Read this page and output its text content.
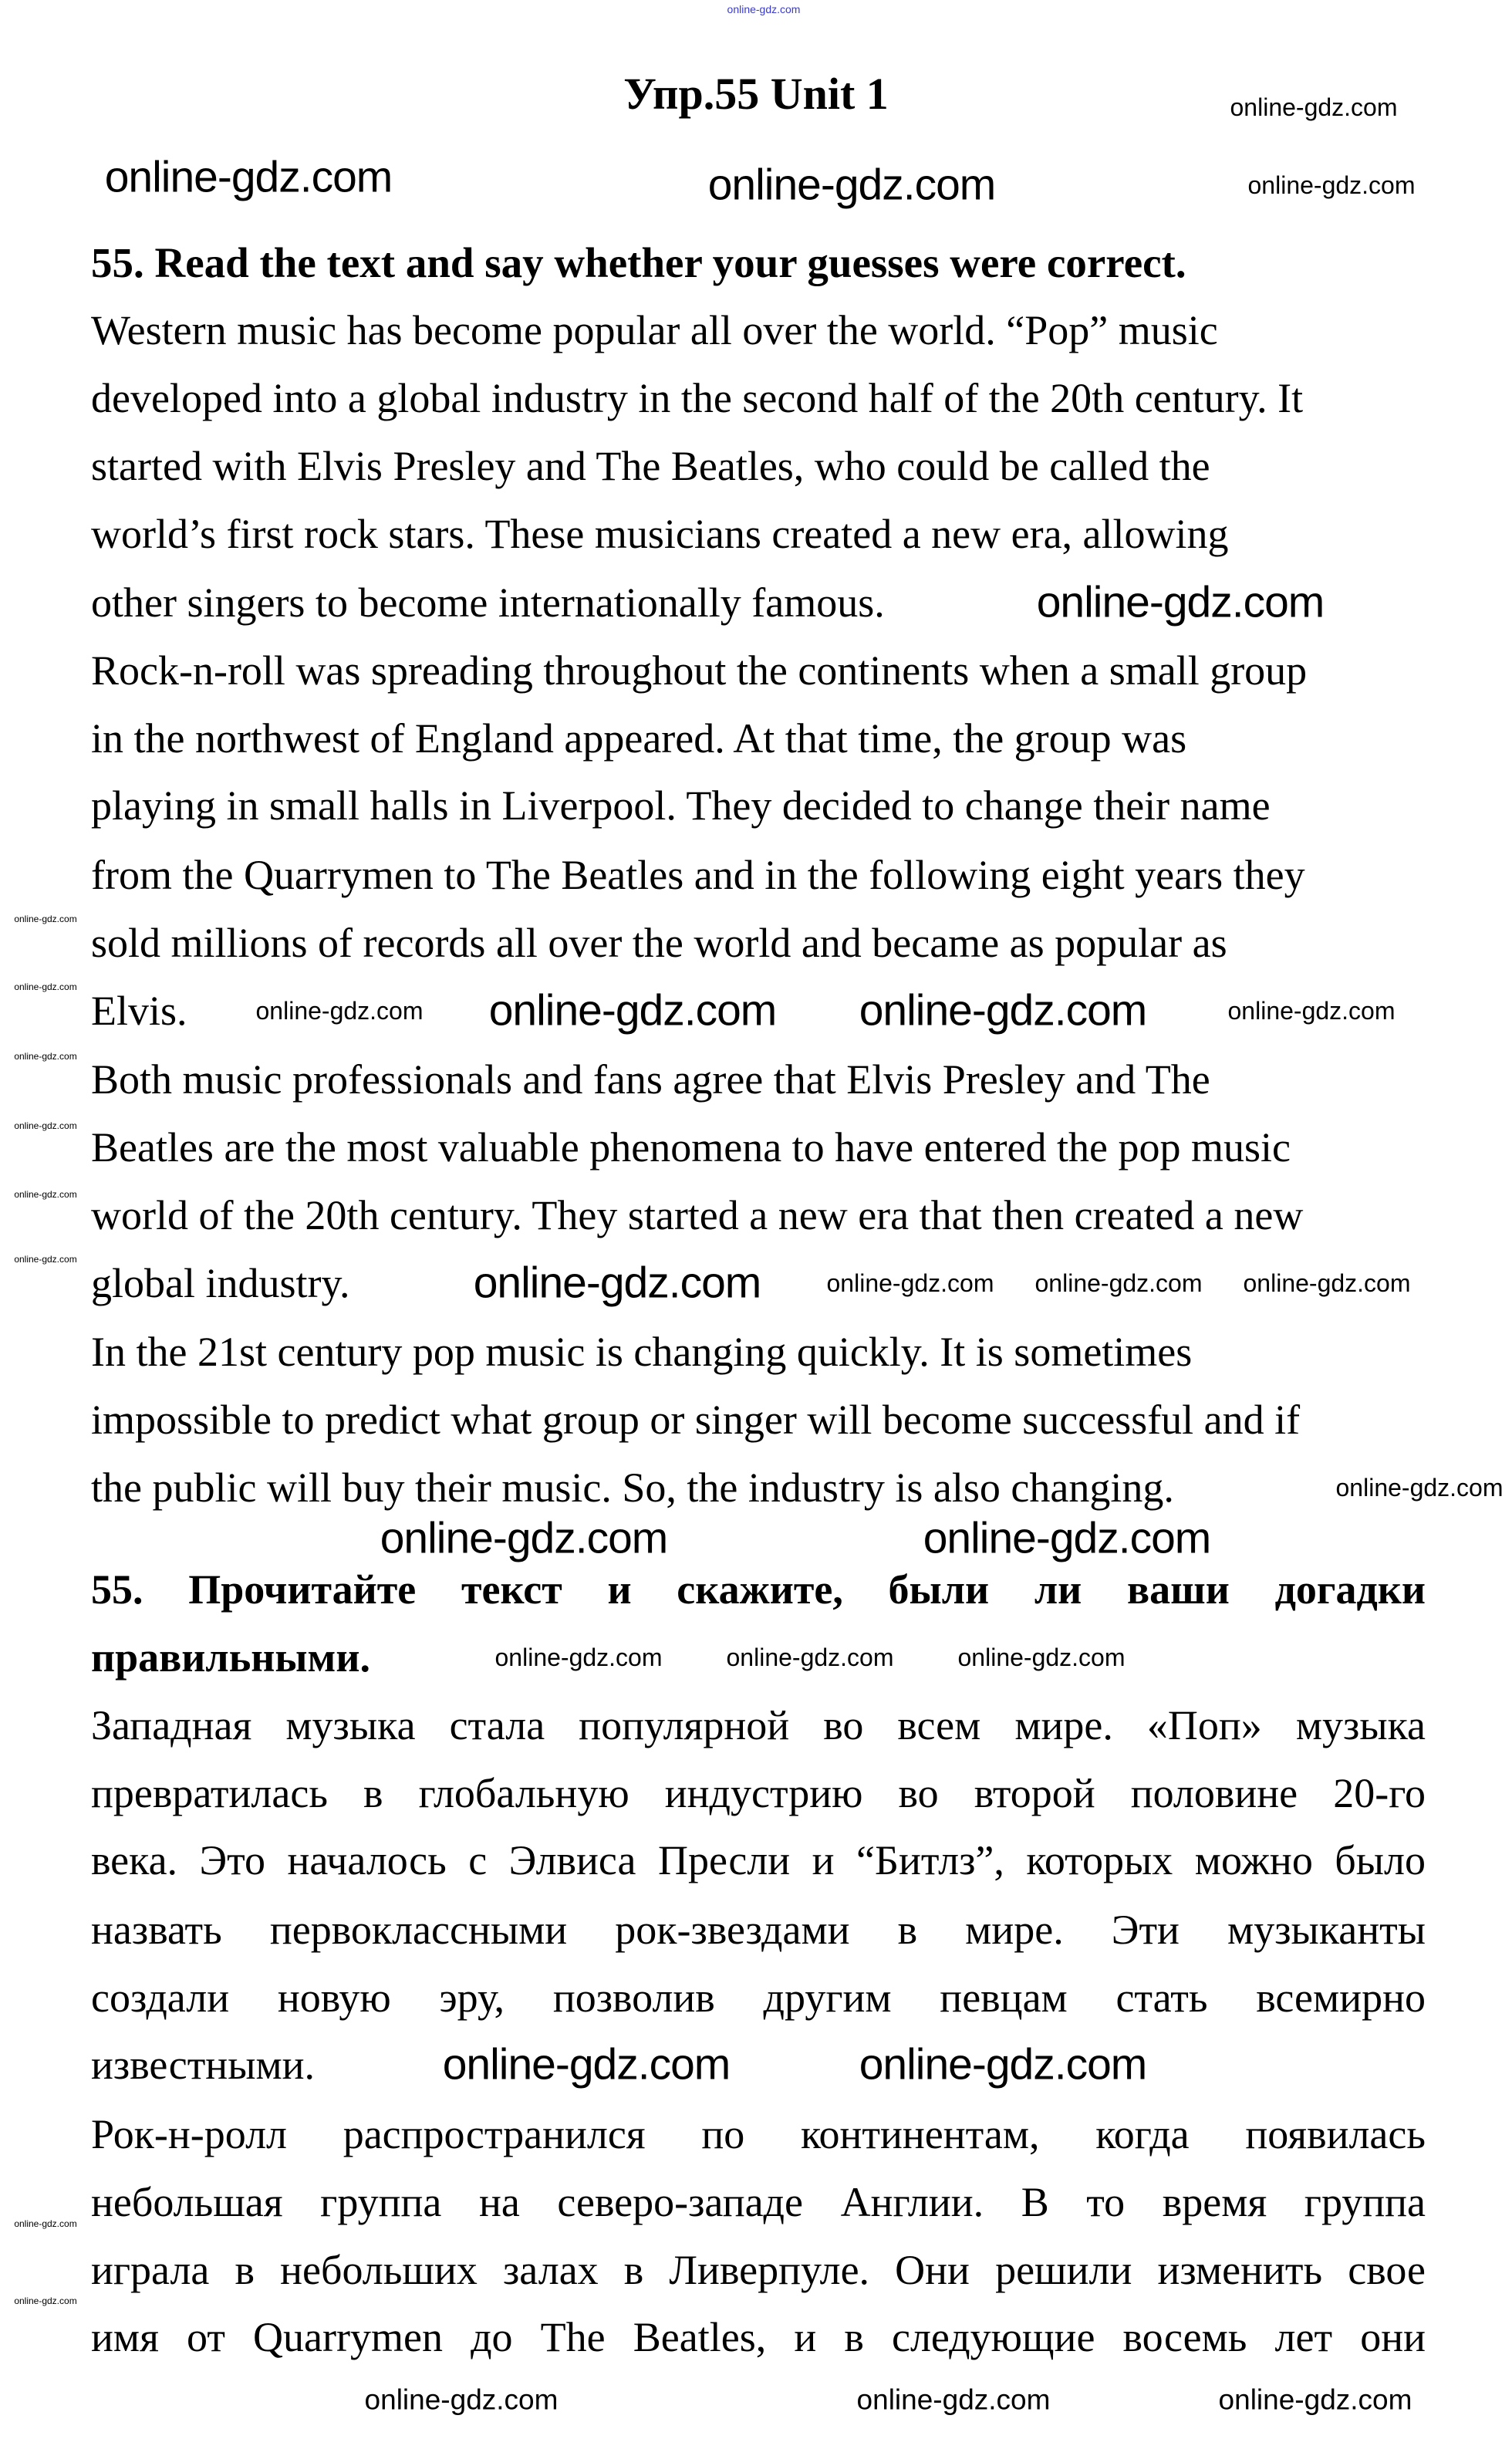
online-gdz.com
Упр.55 Unit 1
55. Read the text and say whether your guesses were correct.
Western music has become popular all over the world. “Pop” music
developed into a global industry in the second half of the 20th century. It
started with Elvis Presley and The Beatles, who could be called the
world’s first rock stars. These musicians created a new era, allowing
other singers to become internationally famous.
Rock-n-roll was spreading throughout the continents when a small group
in the northwest of England appeared. At that time, the group was
playing in small halls in Liverpool. They decided to change their name
from the Quarrymen to The Beatles and in the following eight years they
sold millions of records all over the world and became as popular as
Elvis.
Both music professionals and fans agree that Elvis Presley and The
Beatles are the most valuable phenomena to have entered the pop music
world of the 20th century. They started a new era that then created a new
global industry.
In the 21st century pop music is changing quickly. It is sometimes
impossible to predict what group or singer will become successful and if
the public will buy their music. So, the industry is also changing.
55. Прочитайте текст и скажите, были ли ваши догадки
правильными.
Западная музыка стала популярной во всем мире. «Поп» музыка
превратилась в глобальную индустрию во второй половине 20-го
века. Это началось с Элвиса Пресли и “Битлз”, которых можно было
назвать первоклассными рок-звездами в мире. Эти музыканты
создали новую эру, позволив другим певцам стать всемирно
известными.
Рок-н-ролл распространился по континентам, когда появилась
небольшая группа на северо-западе Англии. В то время группа
играла в небольших залах в Ливерпуле. Они решили изменить свое
имя от Quarrymen до The Beatles, и в следующие восемь лет они
online-gdz.com
online-gdz.com	online-gdz.com	online-gdz.com
online-gdz.com
online-gdz.com online-gdz.com online-gdz.com	online-gdz.com
online-gdz.com	online-gdz.com online-gdz.com online-gdz.com
online-gdz.com
online-gdz.com	online-gdz.com
online-gdz.com
online-gdz.com
online-gdz.com
online-gdz.com
online-gdz.com
online-gdz.com
online-gdz.com	online-gdz.com	online-gdz.com
online-gdz.com	online-gdz.com
online-gdz.com
online-gdz.com
online-gdz.com	online-gdz.com	online-gdz.com
